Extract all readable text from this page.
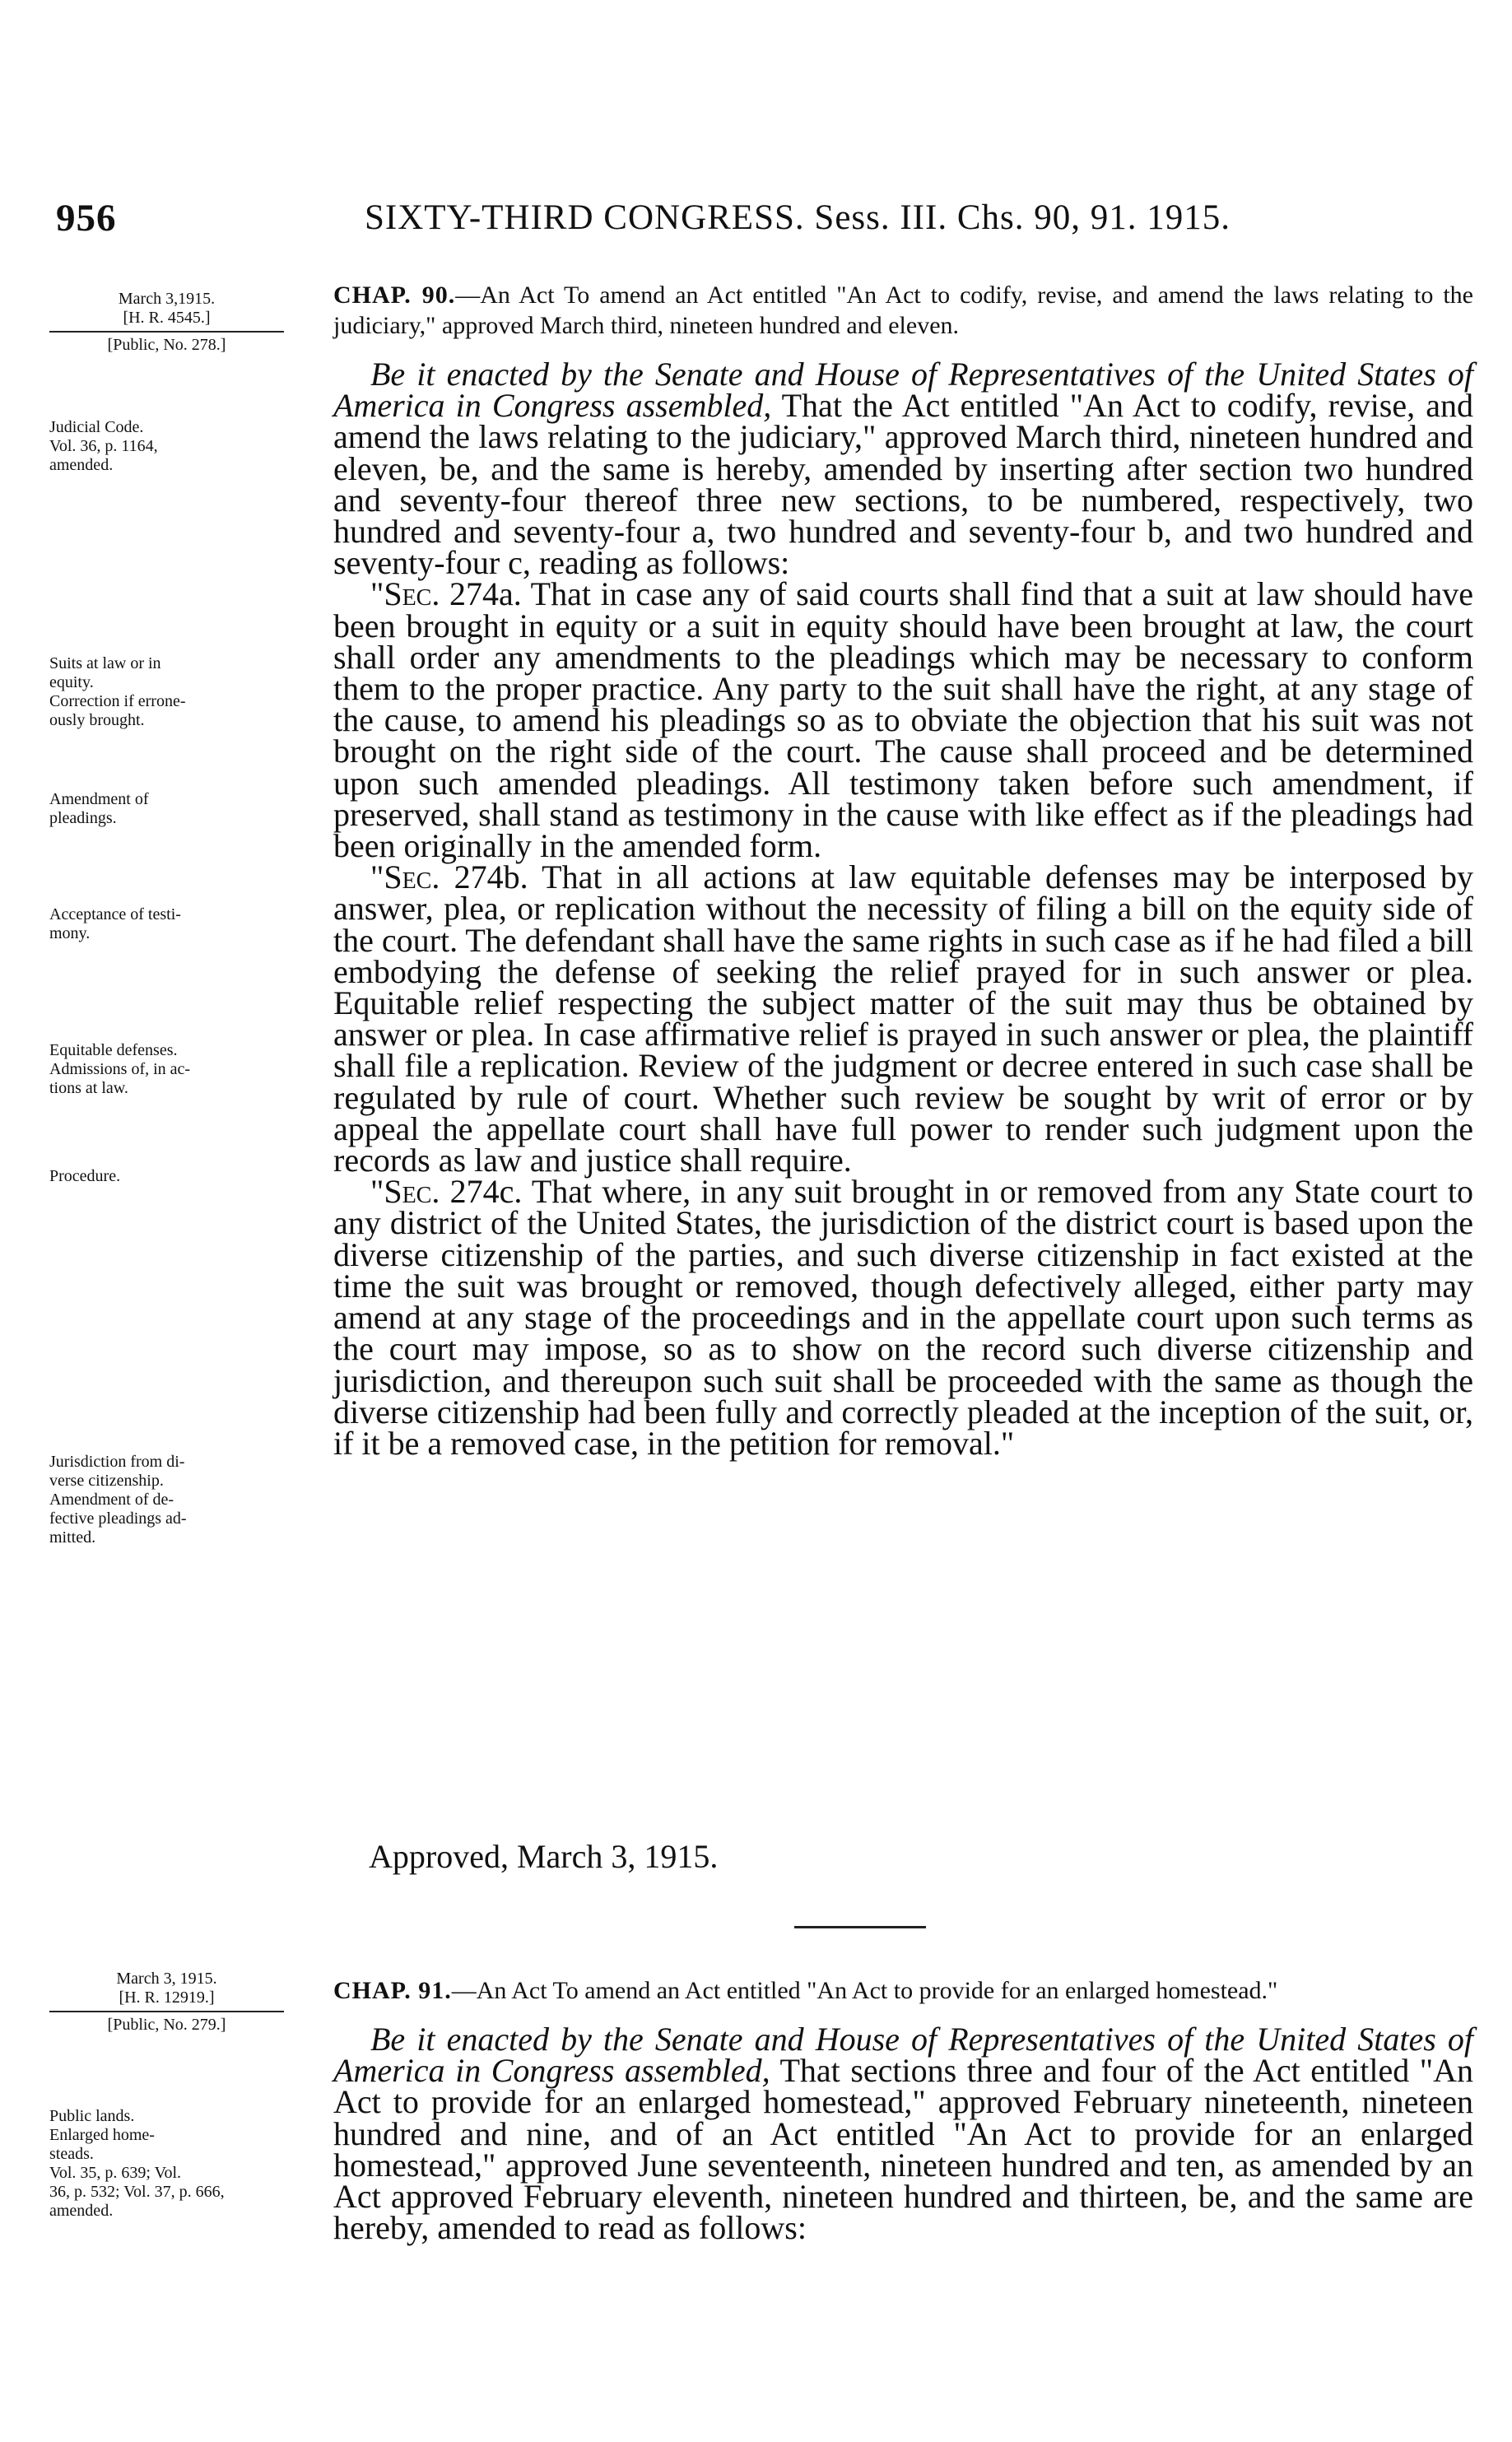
956	SIXTY-THIRD CONGRESS. Sess. III. Chs. 90, 91. 1915.
March 3,1915.
[H. R. 4545.]
[Public, No. 278.]
Judicial Code.
Vol. 36, p. 1164,
amended.
Suits at law or in
equity.
Correction if errone-
ously brought.
Amendment of
pleadings.
Acceptance of testi-
mony.
Equitable defenses.
Admissions of, in ac-
tions at law.
Procedure.
Jurisdiction from di-
verse citizenship.
Amendment of de-
fective pleadings ad-
mitted.

CHAP. 90.—An Act To amend an Act entitled "An Act to codify, revise, and amend the laws relating to the judiciary," approved March third, nineteen hundred and eleven.

Be it enacted by the Senate and House of Representatives of the United States of America in Congress assembled, That the Act entitled "An Act to codify, revise, and amend the laws relating to the judiciary," approved March third, nineteen hundred and eleven, be, and the same is hereby, amended by inserting after section two hundred and seventy-four thereof three new sections, to be numbered, respectively, two hundred and seventy-four a, two hundred and seventy-four b, and two hundred and seventy-four c, reading as follows:

"Sec. 274a. That in case any of said courts shall find that a suit at law should have been brought in equity or a suit in equity should have been brought at law, the court shall order any amendments to the pleadings which may be necessary to conform them to the proper practice. Any party to the suit shall have the right, at any stage of the cause, to amend his pleadings so as to obviate the objection that his suit was not brought on the right side of the court. The cause shall proceed and be determined upon such amended pleadings. All testimony taken before such amendment, if preserved, shall stand as testimony in the cause with like effect as if the pleadings had been originally in the amended form.

"Sec. 274b. That in all actions at law equitable defenses may be interposed by answer, plea, or replication without the necessity of filing a bill on the equity side of the court. The defendant shall have the same rights in such case as if he had filed a bill embodying the defense of seeking the relief prayed for in such answer or plea. Equitable relief respecting the subject matter of the suit may thus be obtained by answer or plea. In case affirmative relief is prayed in such answer or plea, the plaintiff shall file a replication. Review of the judgment or decree entered in such case shall be regulated by rule of court. Whether such review be sought by writ of error or by appeal the appellate court shall have full power to render such judgment upon the records as law and justice shall require.

"Sec. 274c. That where, in any suit brought in or removed from any State court to any district of the United States, the jurisdiction of the district court is based upon the diverse citizenship of the parties, and such diverse citizenship in fact existed at the time the suit was brought or removed, though defectively alleged, either party may amend at any stage of the proceedings and in the appellate court upon such terms as the court may impose, so as to show on the record such diverse citizenship and jurisdiction, and thereupon such suit shall be proceeded with the same as though the diverse citizenship had been fully and correctly pleaded at the inception of the suit, or, if it be a removed case, in the petition for removal."

Approved, March 3, 1915.
March 3, 1915.
[H. R. 12919.]
[Public, No. 279.]
Public lands.
Enlarged home-
steads.
Vol. 35, p. 639; Vol.
36, p. 532; Vol. 37, p. 666,
amended.

CHAP. 91.—An Act To amend an Act entitled "An Act to provide for an enlarged homestead."

Be it enacted by the Senate and House of Representatives of the United States of America in Congress assembled, That sections three and four of the Act entitled "An Act to provide for an enlarged homestead," approved February nineteenth, nineteen hundred and nine, and of an Act entitled "An Act to provide for an enlarged homestead," approved June seventeenth, nineteen hundred and ten, as amended by an Act approved February eleventh, nineteen hundred and thirteen, be, and the same are hereby, amended to read as follows:
